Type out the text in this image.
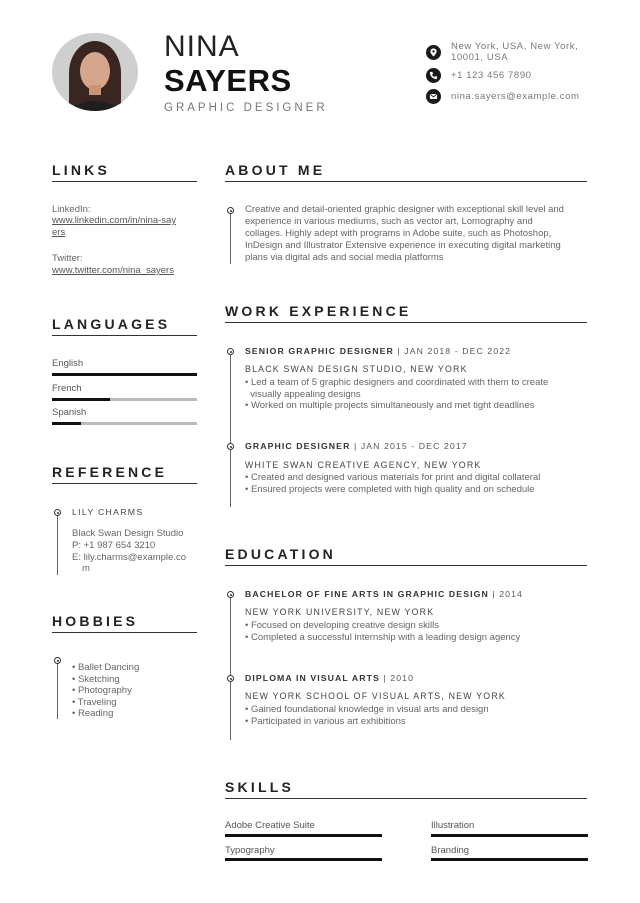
NINA
SAYERS
GRAPHIC DESIGNER
New York, USA, New York,
10001, USA
+1 123 456 7890
nina.sayers@example.com
LINKS
LinkedIn:
www.linkedin.com/in/nina-say
ers
Twitter:
www.twitter.com/nina_sayers
LANGUAGES
English
French
Spanish
REFERENCE
LILY CHARMS
Black Swan Design Studio
P: +1 987 654 3210
E: lily.charms@example.co
m
HOBBIES
• Ballet Dancing
• Sketching
• Photography
• Traveling
• Reading
ABOUT ME
Creative and detail-oriented graphic designer with exceptional skill level and
experience in various mediums, such as vector art, Lomography and
collages. Highly adept with programs in Adobe suite, such as Photoshop,
InDesign and Illustrator Extensive experience in executing digital marketing
plans via digital ads and social media platforms
WORK EXPERIENCE
SENIOR GRAPHIC DESIGNER | JAN 2018 - DEC 2022
BLACK SWAN DESIGN STUDIO, NEW YORK
• Led a team of 5 graphic designers and coordinated with them to create
visually appealing designs
• Worked on multiple projects simultaneously and met tight deadlines
GRAPHIC DESIGNER | JAN 2015 - DEC 2017
WHITE SWAN CREATIVE AGENCY, NEW YORK
• Created and designed various materials for print and digital collateral
• Ensured projects were completed with high quality and on schedule
EDUCATION
BACHELOR OF FINE ARTS IN GRAPHIC DESIGN | 2014
NEW YORK UNIVERSITY, NEW YORK
• Focused on developing creative design skills
• Completed a successful internship with a leading design agency
DIPLOMA IN VISUAL ARTS | 2010
NEW YORK SCHOOL OF VISUAL ARTS, NEW YORK
• Gained foundational knowledge in visual arts and design
• Participated in various art exhibitions
SKILLS
Adobe Creative Suite	Illustration
Typography	Branding
